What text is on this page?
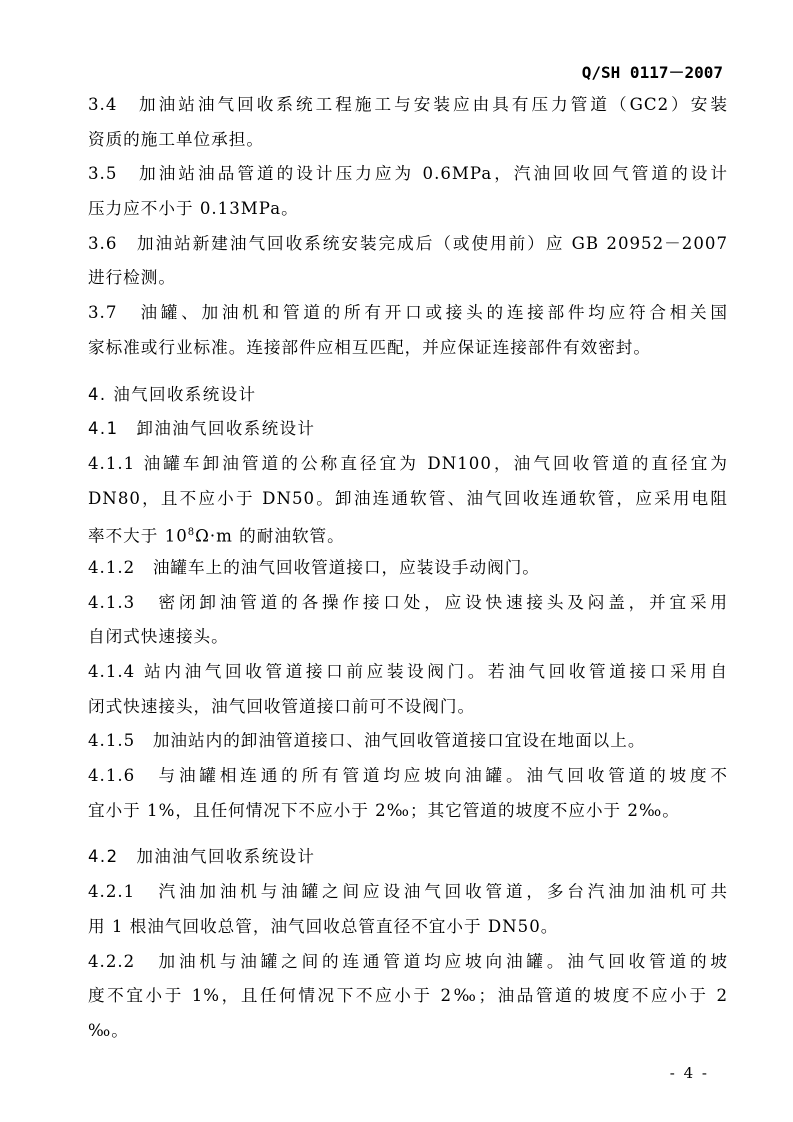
Q/SH 0117－2007

3.4　加油站油气回收系统工程施工与安装应由具有压力管道（GC2）安装

资质的施工单位承担。

3.5　加油站油品管道的设计压力应为 0.6MPa，汽油回收回气管道的设计

压力应不小于 0.13MPa。

3.6　加油站新建油气回收系统安装完成后（或使用前）应 GB 20952－2007

进行检测。

3.7　油罐、加油机和管道的所有开口或接头的连接部件均应符合相关国

家标准或行业标准。连接部件应相互匹配，并应保证连接部件有效密封。

4. 油气回收系统设计

4.1　卸油油气回收系统设计

4.1.1 油罐车卸油管道的公称直径宜为 DN100，油气回收管道的直径宜为

DN80，且不应小于 DN50。卸油连通软管、油气回收连通软管，应采用电阻

率不大于 $10^8\Omega\cdot m$ 的耐油软管。

4.1.2　油罐车上的油气回收管道接口，应装设手动阀门。

4.1.3　密闭卸油管道的各操作接口处，应设快速接头及闷盖，并宜采用

自闭式快速接头。

4.1.4 站内油气回收管道接口前应装设阀门。若油气回收管道接口采用自

闭式快速接头，油气回收管道接口前可不设阀门。

4.1.5　加油站内的卸油管道接口、油气回收管道接口宜设在地面以上。

4.1.6　与油罐相连通的所有管道均应坡向油罐。油气回收管道的坡度不

宜小于 1%，且任何情况下不应小于 2‰；其它管道的坡度不应小于 2‰。

4.2　加油油气回收系统设计

4.2.1　汽油加油机与油罐之间应设油气回收管道，多台汽油加油机可共

用 1 根油气回收总管，油气回收总管直径不宜小于 DN50。

4.2.2　加油机与油罐之间的连通管道均应坡向油罐。油气回收管道的坡

度不宜小于 1%，且任何情况下不应小于 2‰；油品管道的坡度不应小于 2

‰。

- 4 -
